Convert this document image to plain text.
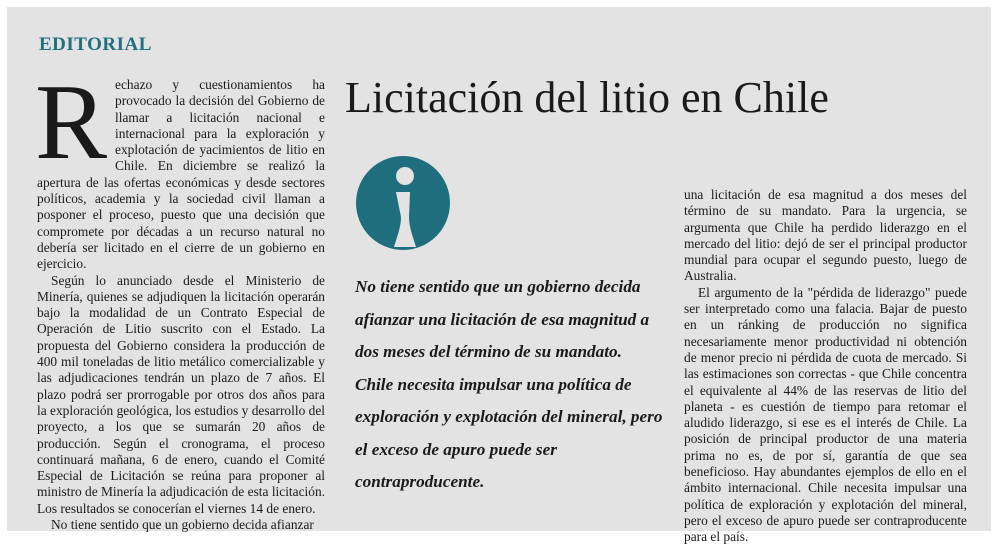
EDITORIAL
Licitación del litio en Chile

Rechazo y cuestionamientos ha provocado la decisión del Gobierno de llamar a licitación nacional e internacional para la exploración y explotación de yacimientos de litio en Chile. En diciembre se realizó la apertura de las ofertas económicas y desde sectores políticos, academia y la sociedad civil llaman a posponer el proceso, puesto que una decisión que compromete por décadas a un recurso natural no debería ser licitado en el cierre de un gobierno en ejercicio.

Según lo anunciado desde el Ministerio de Minería, quienes se adjudiquen la licitación operarán bajo la modalidad de un Contrato Especial de Operación de Litio suscrito con el Estado. La propuesta del Gobierno considera la producción de 400 mil toneladas de litio metálico comercializable y las adjudicaciones tendrán un plazo de 7 años. El plazo podrá ser prorrogable por otros dos años para la exploración geológica, los estudios y desarrollo del proyecto, a los que se sumarán 20 años de producción. Según el cronograma, el proceso continuará mañana, 6 de enero, cuando el Comité Especial de Licitación se reúna para proponer al ministro de Minería la adjudicación de esta licitación. Los resultados se conocerían el viernes 14 de enero.

No tiene sentido que un gobierno decida afianzar

No tiene sentido que un gobierno decida afianzar una licitación de esa magnitud a dos meses del término de su mandato. Chile necesita impulsar una política de exploración y explotación del mineral, pero el exceso de apuro puede ser contraproducente.

una licitación de esa magnitud a dos meses del término de su mandato. Para la urgencia, se argumenta que Chile ha perdido liderazgo en el mercado del litio: dejó de ser el principal productor mundial para ocupar el segundo puesto, luego de Australia.

El argumento de la "pérdida de liderazgo" puede ser interpretado como una falacia. Bajar de puesto en un ránking de producción no significa necesariamente menor productividad ni obtención de menor precio ni pérdida de cuota de mercado. Si las estimaciones son correctas - que Chile concentra el equivalente al 44% de las reservas de litio del planeta - es cuestión de tiempo para retomar el aludido liderazgo, si ese es el interés de Chile. La posición de principal productor de una materia prima no es, de por sí, garantía de que sea beneficioso. Hay abundantes ejemplos de ello en el ámbito internacional. Chile necesita impulsar una política de exploración y explotación del mineral, pero el exceso de apuro puede ser contraproducente para el país.
